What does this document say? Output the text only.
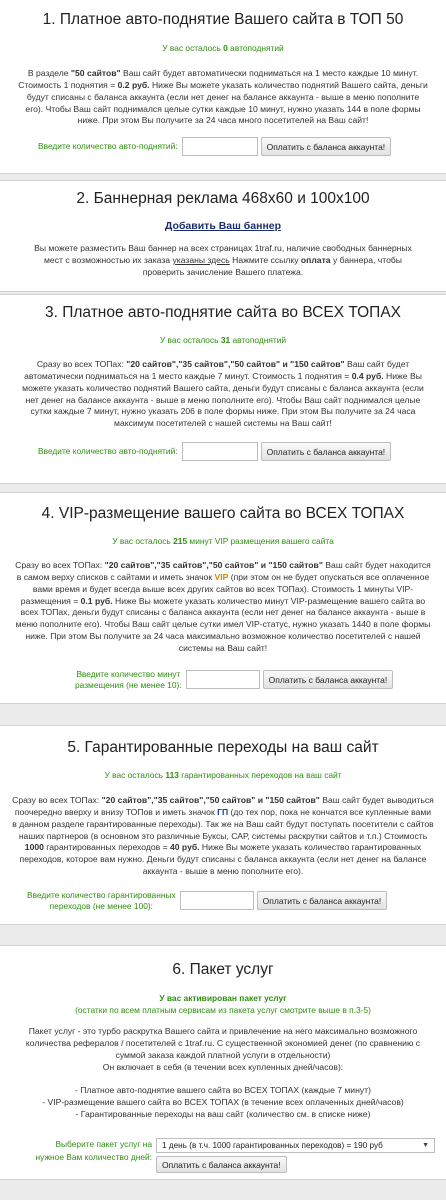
1. Платное авто-поднятие Вашего сайта в ТОП 50
У вас осталось 0 автоподнятий
В разделе "50 сайтов" Ваш сайт будет автоматически подниматься на 1 место каждые 10 минут. Стоимость 1 поднятия = 0.2 руб. Ниже Вы можете указать количество поднятий Вашего сайта, деньги будут списаны с баланса аккаунта (если нет денег на балансе аккаунта - выше в меню пополните его). Чтобы Ваш сайт поднимался целые сутки каждые 10 минут, нужно указать 144 в поле формы ниже. При этом Вы получите за 24 часа много посетителей на Ваш сайт!
Введите количество авто-поднятий:	Оплатить с баланса аккаунта!
2. Баннерная реклама 468x60 и 100x100
Добавить Ваш баннер
Вы можете разместить Ваш баннер на всех страницах 1traf.ru, наличие свободных баннерных мест с возможностью их заказа указаны здесь Нажмите ссылку оплата у баннера, чтобы проверить зачисление Вашего платежа.
3. Платное авто-поднятие сайта во ВСЕХ ТОПАХ
У вас осталось 31 автоподнятий
Сразу во всех ТОПах: "20 сайтов","35 сайтов","50 сайтов" и "150 сайтов" Ваш сайт будет автоматически подниматься на 1 место каждые 7 минут. Стоимость 1 поднятия = 0.4 руб. Ниже Вы можете указать количество поднятий Вашего сайта, деньги будут списаны с баланса аккаунта (если нет денег на балансе аккаунта - выше в меню пополните его). Чтобы Ваш сайт поднимался целые сутки каждые 7 минут, нужно указать 206 в поле формы ниже. При этом Вы получите за 24 часа максимум посетителей с нашей системы на Ваш сайт!
Введите количество авто-поднятий:	Оплатить с баланса аккаунта!
4. VIP-размещение вашего сайта во ВСЕХ ТОПАХ
У вас осталось 215 минут VIP размещения вашего сайта
Сразу во всех ТОПах: "20 сайтов","35 сайтов","50 сайтов" и "150 сайтов" Ваш сайт будет находится в самом верху списков с сайтами и иметь значок VIP (при этом он не будет опускаться все оплаченное вами время и будет всегда выше всех других сайтов во всех ТОПах). Стоимость 1 минуты VIP-размещения = 0.1 руб. Ниже Вы можете указать количество минут VIP-размещение вашего сайта во всех ТОПах, деньги будут списаны с баланса аккаунта (если нет денег на балансе аккаунта - выше в меню пополните его). Чтобы Ваш сайт целые сутки имел VIP-статус, нужно указать 1440 в поле формы ниже. При этом Вы получите за 24 часа максимально возможное количество посетителей с нашей системы на Ваш сайт!
Введите количество минут
размещения (не менее 10):	Оплатить с баланса аккаунта!
5. Гарантированные переходы на ваш сайт
У вас осталось 113 гарантированных переходов на ваш сайт
Сразу во всех ТОПах: "20 сайтов","35 сайтов","50 сайтов" и "150 сайтов" Ваш сайт будет выводиться поочередно вверху и внизу ТОПов и иметь значок ГП (до тех пор, пока не кончатся все купленные вами в данном разделе гарантированные переходы). Так же на Ваш сайт будут поступать посетители с сайтов наших партнеров (в основном это различные Буксы, САР, системы раскрутки сайтов и т.п.) Стоимость 1000 гарантированных переходов = 40 руб. Ниже Вы можете указать количество гарантированных переходов, которое вам нужно. Деньги будут списаны с баланса аккаунта (если нет денег на балансе аккаунта - выше в меню пополните его).
Введите количество гарантированных
переходов (не менее 100):	Оплатить с баланса аккаунта!
6. Пакет услуг
У вас активирован пакет услуг
(остатки по всем платным сервисам из пакета услуг смотрите выше в п.3-5)
Пакет услуг - это турбо раскрутка Вашего сайта и привлечение на него максимально возможного количества рефералов / посетителей с 1traf.ru. С существенной экономией денег (по сравнению с суммой заказа каждой платной услуги в отдельности)
Он включает в себя (в течении всех купленных дней/часов):
- Платное авто-поднятие вашего сайта во ВСЕХ ТОПАХ (каждые 7 минут)
- VIP-размещение вашего сайта во ВСЕХ ТОПАХ (в течение всех оплаченных дней/часов)
- Гарантированные переходы на ваш сайт (количество см. в списке ниже)
Выберите пакет услуг на
нужное Вам количество дней:
1 день (в т.ч. 1000 гарантированных переходов) = 190 руб	▼
Оплатить с баланса аккаунта!
